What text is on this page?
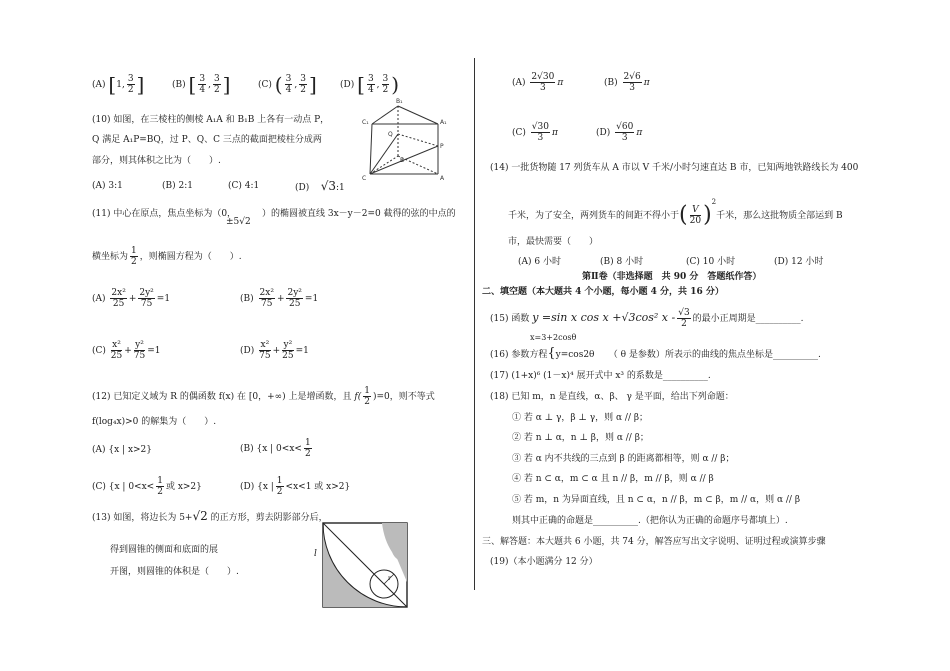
(A) [1, $\frac{3}{2}$ ]	(B) [ $\frac{3}{4}$ , $\frac{3}{2}$ ]	(C) ( $\frac{3}{4}$ , $\frac{3}{2}$ ]	(D) [ $\frac{3}{4}$ , $\frac{3}{2}$ )
(10) 如图，在三棱柱的侧棱 A₁A 和 B₁B 上各有一动点 P，
Q 满足 A₁P=BQ，过 P、Q、C 三点的截面把棱柱分成两
部分，则其体积之比为（　　）.
(A) 3:1	(B) 2:1	(C) 4:1	(D) √3:1
B₁
C₁	A₁
Q
P
C	A
B
(11) 中心在原点，焦点坐标为（0，
±5√2
）的椭圆被直线 3x－y－2=0 截得的弦的中点的
横坐标为 $\frac{1}{2}$ ，则椭圆方程为（　　）.
$(A) \frac{\text{2x²}}{25} + \frac{\text{2y²}}{75} =1$	$(B) \frac{\text{2x²}}{75} + \frac{\text{2y²}}{25} =1$
$(C) \frac{\text{x²}}{25} + \frac{\text{y²}}{75} =1$	$(D) \frac{\text{x²}}{75} + \frac{\text{y²}}{25} =1$
(12) 已知定义域为 R 的偶函数 f(x) 在 [0，+∞) 上是增函数，且 $f( \frac{1}{2} )=0$，则不等式
f(log₄x)>0 的解集为（　　）.
(A) {x | x>2}	(B) {x | $0<x< \frac{1}{2}$
(C) {x | $0<x< \frac{1}{2}$ 或 x>2}	(D) {x | $\frac{1}{2} <x<1$ 或 x>2}
(13) 如图，将边长为 5+√2 的正方形，剪去阴影部分后，
得到圆锥的侧面和底面的展
开图，则圆锥的体积是（　　）.
l
r
$(A) \frac{2√30}{3}$ π	$(B) \frac{2√6}{3}$ π
$(C) \frac{√30}{3}$ π	$(D) \frac{√60}{3}$ π
(14) 一批货物随 17 列货车从 A 市以 V 千米/小时匀速直达 B 市，已知两地铁路线长为 400
千米，为了安全，两列货车的间距不得小于( $\frac{V}{20} )^2$千米，那么这批物质全部运到 B
市，最快需要（　　）
(A) 6 小时	(B) 8 小时	(C) 10 小时	(D) 12 小时
第Ⅱ卷（非选择题　共 90 分　答题纸作答）
二、填空题（本大题共 4 个小题，每小题 4 分，共 16 分）
(15) 函数 y =sin x cos x +√3cos² x - $\frac{√3}{2}$ 的最小正周期是__________.
x=3+2cosθ
(16) 参数方程{y=cos2θ （ θ 是参数）所表示的曲线的焦点坐标是__________.
(17) (1+x)⁶ (1－x)⁴ 展开式中 x³ 的系数是__________.
(18) 已知 m，n 是直线，α、β、 γ 是平面，给出下列命题：
① 若 α ⊥ γ，β ⊥ γ，则 α // β；
② 若 n ⊥ α，n ⊥ β，则 α // β；
③ 若 α 内不共线的三点到 β 的距离都相等，则 α // β；
④ 若 n ⊂ α，m ⊂ α 且 n // β，m // β，则 α // β
⑤ 若 m，n 为异面直线，且 n ⊂ α，n // β，m ⊂ β，m // α，则 α // β
则其中正确的命题是__________.（把你认为正确的命题序号都填上）.
三、解答题：本大题共 6 小题，共 74 分，解答应写出文字说明、证明过程或演算步骤
(19)（本小题满分 12 分）
